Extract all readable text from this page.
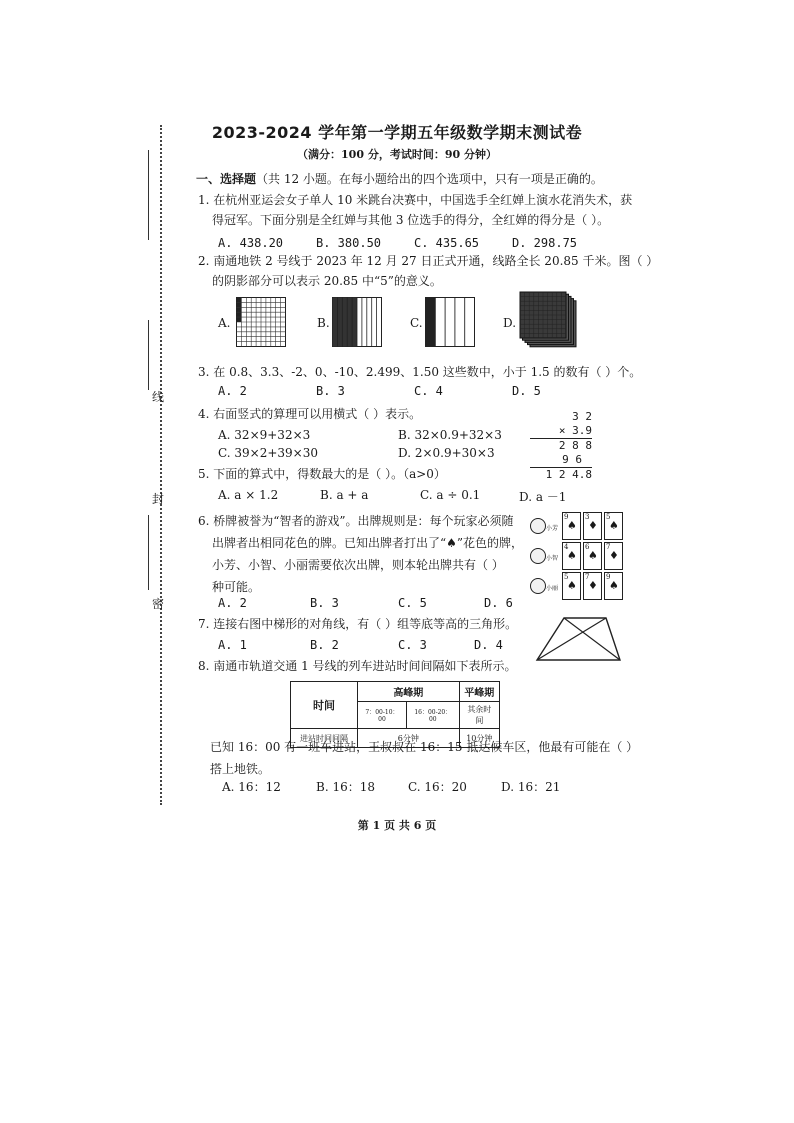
线
封
密
2023-2024 学年第一学期五年级数学期末测试卷
（满分：100 分，考试时间：90 分钟）
一、选择题（共 12 小题。在每小题给出的四个选项中，只有一项是正确的。
1. 在杭州亚运会女子单人 10 米跳台决赛中，中国选手全红婵上演水花消失术，获
得冠军。下面分别是全红婵与其他 3 位选手的得分，全红婵的得分是（ ）。
A. 438.20	B. 380.50	C. 435.65	D. 298.75
2. 南通地铁 2 号线于 2023 年 12 月 27 日正式开通，线路全长 20.85 千米。图（ ）
的阴影部分可以表示 20.85 中“5”的意义。
A.	B.	C.	D.
3. 在 0.8、3.3、-2、0、-10、2.499、1.50 这些数中，小于 1.5 的数有（ ）个。
A. 2	B. 3	C. 4	D. 5
4. 右面竖式的算理可以用横式（ ）表示。
A. 32×9+32×3	B. 32×0.9+32×3
C. 39×2+39×30	D. 2×0.9+30×3
3 2
× 3.9
2 8 8
9 6
1 2 4.8
5. 下面的算式中，得数最大的是（ ）。（a>0）
A. a × 1.2	B. a + a	C. a ÷ 0.1	D. a －1
6. 桥牌被誉为“智者的游戏”。出牌规则是：每个玩家必须随
出牌者出相同花色的牌。已知出牌者打出了“♠”花色的牌，
小芳、小智、小丽需要依次出牌，则本轮出牌共有（ ）
种可能。
A. 2	B. 3	C. 5	D. 6
小芳
9
♠
3
♦
5
♠
小智
4
♠
6
♠
7
♦
小丽
5
♠
7
♦
9
♠
7. 连接右图中梯形的对角线，有（ ）组等底等高的三角形。
A. 1	B. 2	C. 3	D. 4
8. 南通市轨道交通 1 号线的列车进站时间间隔如下表所示。
时间	高峰期		平峰期
	7：00-10：00	16：00-20：00	其余时间
进站时间间隔	6分钟		10分钟
已知 16：00 有一班车进站，王叔叔在 16：15 抵达候车区，他最有可能在（ ）
搭上地铁。
A. 16：12	B. 16：18	C. 16：20	D. 16：21
第 1 页 共 6 页
